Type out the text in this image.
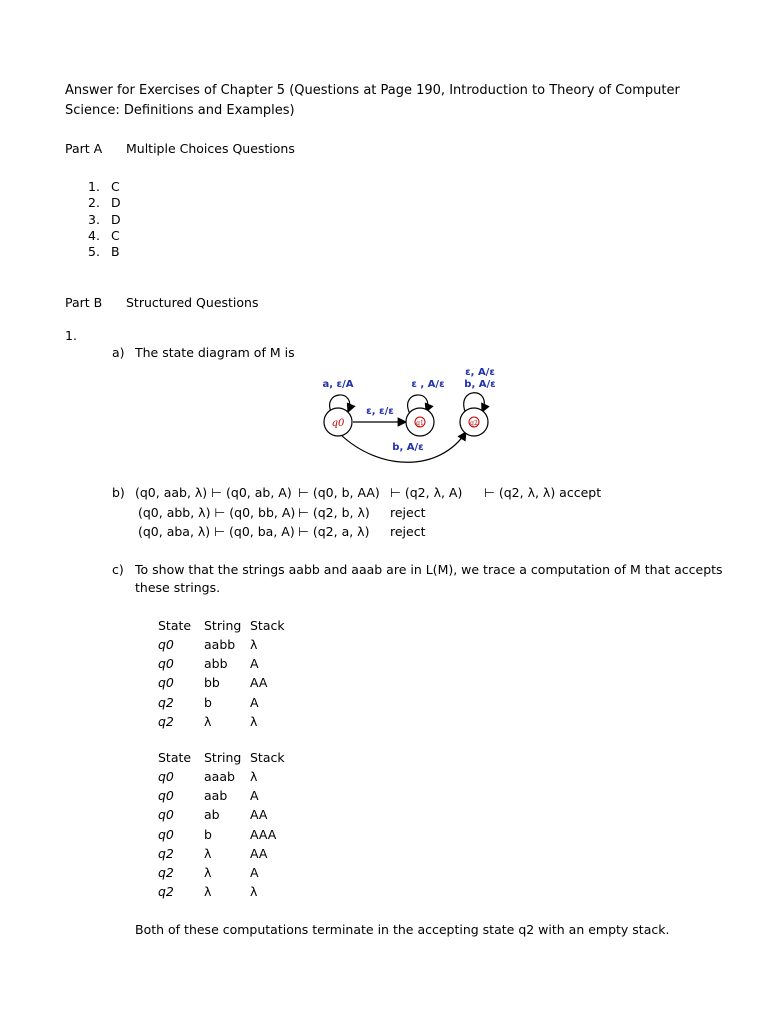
Answer for Exercises of Chapter 5 (Questions at Page 190, Introduction to Theory of Computer Science: Definitions and Examples)
Part A Multiple Choices Questions
1. C
2. D
3. D
4. C
5. B
Part B Structured Questions
1.
a) The state diagram of M is
q0	q1	q2
a, ε/A	ε , A/ε
ε, A/ε
b, A/ε
ε, ε/ε
b, A/ε
b) (q0, aab, λ) ⊢ (q0, ab, A) ⊢ (q0, b, AA) ⊢ (q2, λ, A) ⊢ (q2, λ, λ) accept
(q0, abb, λ) ⊢ (q0, bb, A) ⊢ (q2, b, λ) reject
(q0, aba, λ) ⊢ (q0, ba, A) ⊢ (q2, a, λ) reject
c) To show that the strings aabb and aaab are in L(M), we trace a computation of M that accepts
these strings.
State String Stack
q0 aabb λ
q0 abb A
q0 bb AA
q2 b	A
q2 λ	λ
State String Stack
q0 aaab λ
q0 aab A
q0 ab AA
q0 b	AAA
q2 λ	AA
q2 λ	A
q2 λ	λ
Both of these computations terminate in the accepting state q2 with an empty stack.
